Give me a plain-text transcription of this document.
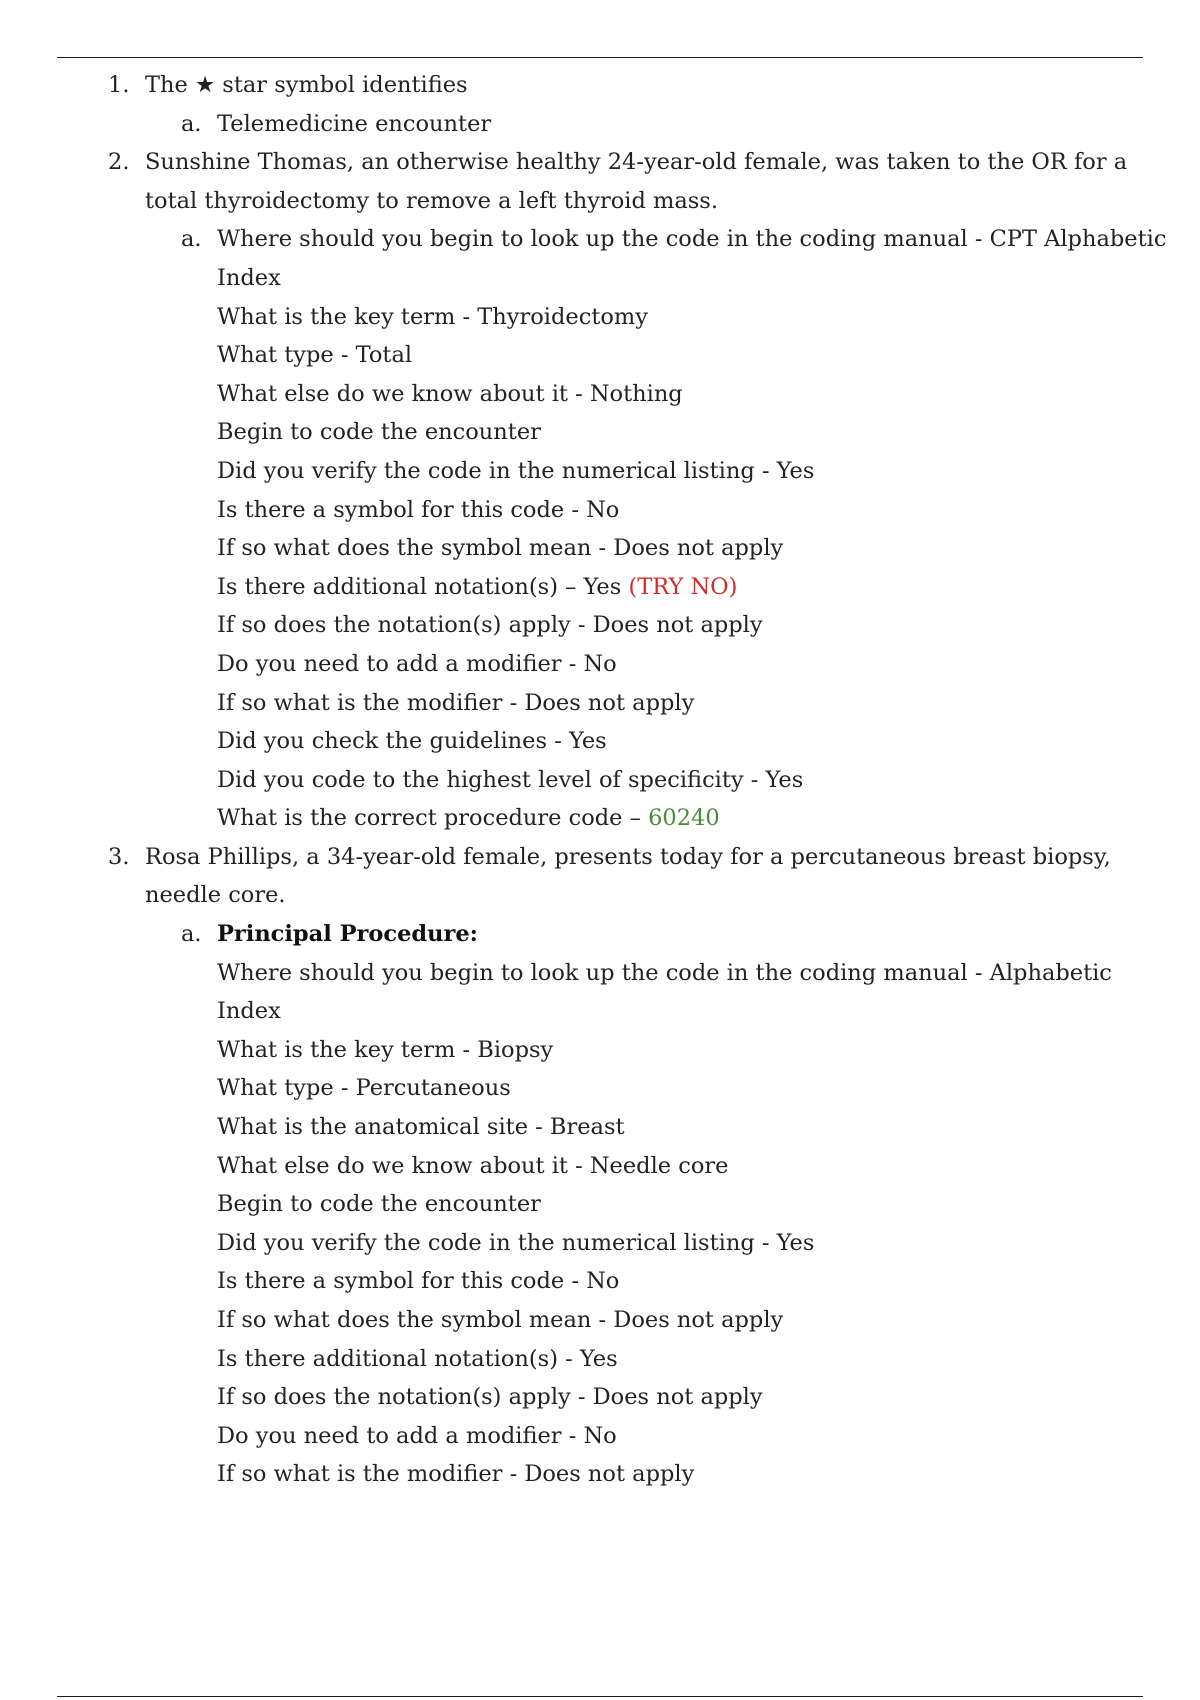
1. The ★ star symbol identifies
a. Telemedicine encounter
2. Sunshine Thomas, an otherwise healthy 24-year-old female, was taken to the OR for a
total thyroidectomy to remove a left thyroid mass.
a. Where should you begin to look up the code in the coding manual - CPT Alphabetic
Index
What is the key term - Thyroidectomy
What type - Total
What else do we know about it - Nothing
Begin to code the encounter
Did you verify the code in the numerical listing - Yes
Is there a symbol for this code - No
If so what does the symbol mean - Does not apply
Is there additional notation(s) – Yes (TRY NO)
If so does the notation(s) apply - Does not apply
Do you need to add a modifier - No
If so what is the modifier - Does not apply
Did you check the guidelines - Yes
Did you code to the highest level of specificity - Yes
What is the correct procedure code – 60240
3. Rosa Phillips, a 34-year-old female, presents today for a percutaneous breast biopsy,
needle core.
a. Principal Procedure:
Where should you begin to look up the code in the coding manual - Alphabetic
Index
What is the key term - Biopsy
What type - Percutaneous
What is the anatomical site - Breast
What else do we know about it - Needle core
Begin to code the encounter
Did you verify the code in the numerical listing - Yes
Is there a symbol for this code - No
If so what does the symbol mean - Does not apply
Is there additional notation(s) - Yes
If so does the notation(s) apply - Does not apply
Do you need to add a modifier - No
If so what is the modifier - Does not apply
